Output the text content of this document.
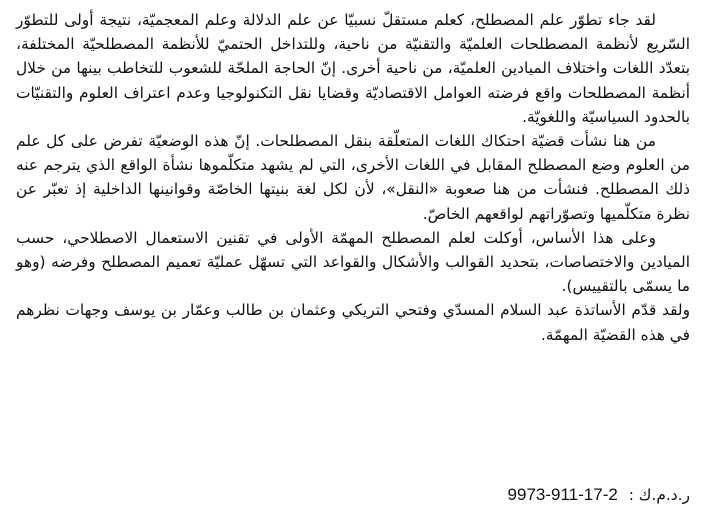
لقد جاء تطوّر علم المصطلح، كعلم مستقلّ نسبيّا عن علم الدلالة وعلم المعجميّة، نتيجة أولى للتطوّر السّريع لأنظمة المصطلحات العلميّة والتقنيّة من ناحية، وللتداخل الحتميّ للأنظمة المصطلحيّة المختلفة، بتعدّد اللغات واختلاف الميادين العلميّة، من ناحية أخرى. إنّ الحاجة الملحّة للشعوب للتخاطب بينها من خلال أنظمة المصطلحات واقع فرضته العوامل الاقتصاديّة وقضايا نقل التكنولوجيا وعدم اعتراف العلوم والتقنيّات بالحدود السياسيّة واللغويّة.

من هنا نشأت قضيّة احتكاك اللغات المتعلّقة بنقل المصطلحات. إنّ هذه الوضعيّة تفرض على كل علم من العلوم وضع المصطلح المقابل في اللغات الأخرى، التي لم يشهد متكلّموها نشأة الواقع الذي يترجم عنه ذلك المصطلح. فنشأت من هنا صعوبة «النقل»، لأن لكل لغة بنيتها الخاصّة وقوانينها الداخلية إذ تعبّر عن نظرة متكلّميها وتصوّراتهم لواقعهم الخاصّ.

وعلى هذا الأساس، أوكلت لعلم المصطلح المهمّة الأولى في تقنين الاستعمال الاصطلاحي، حسب الميادين والاختصاصات، بتحديد القوالب والأشكال والقواعد التي تسهّل عمليّة تعميم المصطلح وفرضه (وهو ما يسمّى بالتقييس).

ولقد قدّم الأساتذة عبد السلام المسدّي وفتحي التريكي وعثمان بن طالب وعمّار بن يوسف وجهات نظرهم في هذه القضيّة المهمّة.

ر.د.م.ك : 9973-911-17-2
